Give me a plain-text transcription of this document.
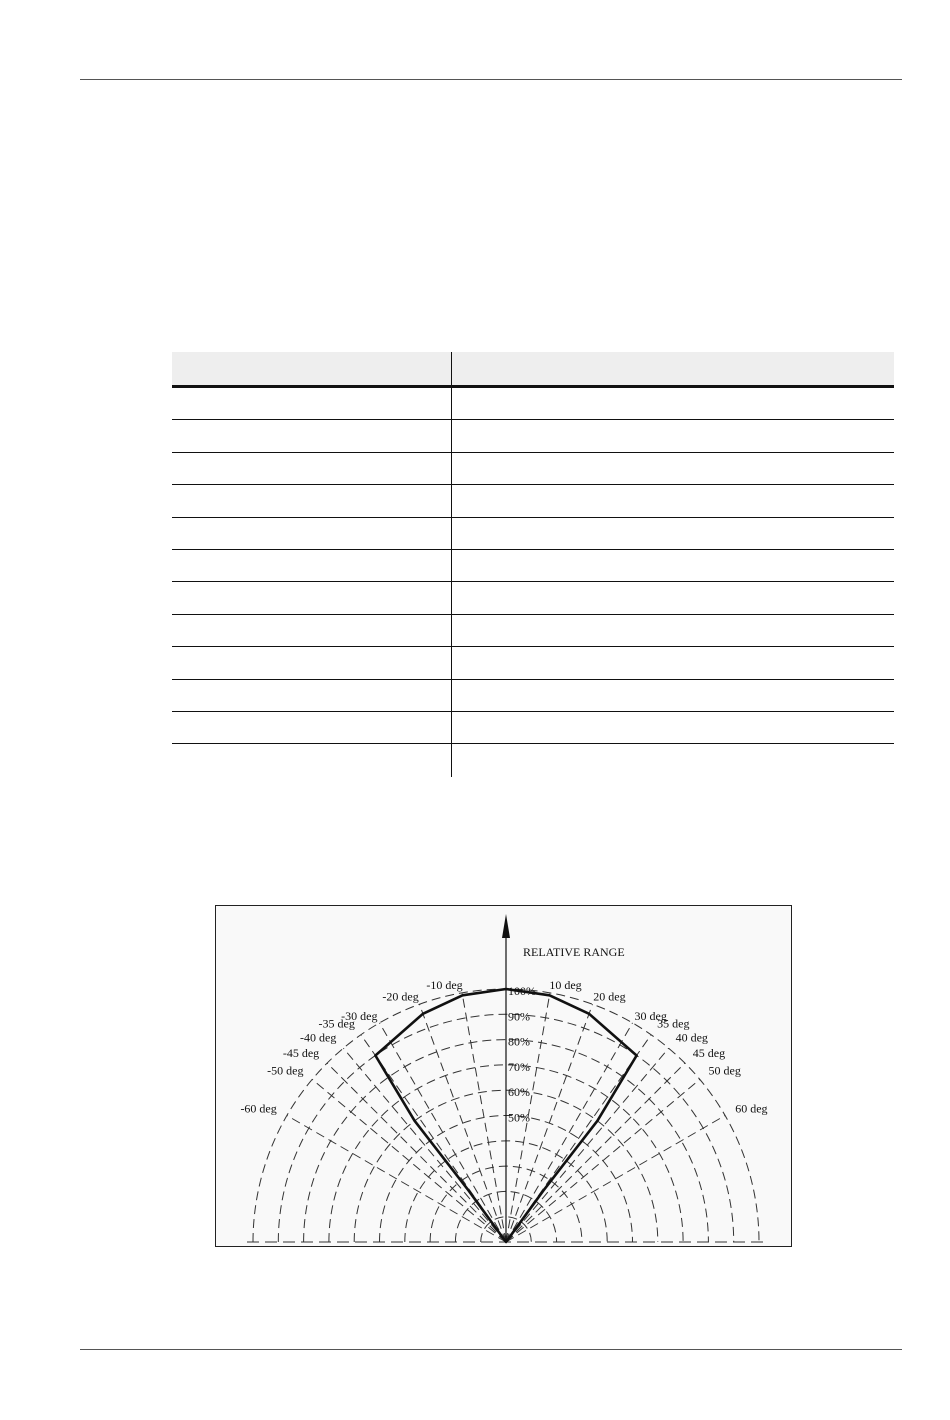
RELATIVE RANGE
100%
90%
80%
70%
60%
50%
-60 deg
-50 deg
-45 deg
-40 deg
-35 deg
-30 deg
-20 deg
-10 deg	10 deg
20 deg
30 deg
35 deg
40 deg
45 deg
50 deg
60 deg
